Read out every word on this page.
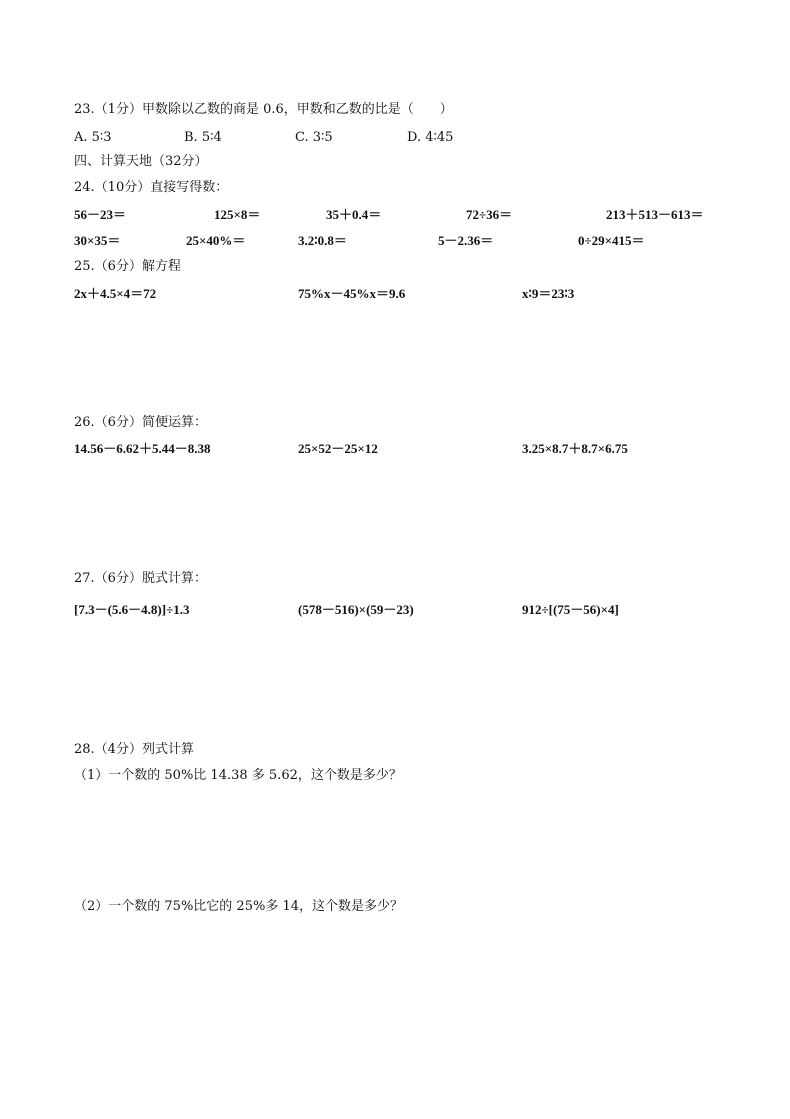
23.（1分）甲数除以乙数的商是 0.6，甲数和乙数的比是（　　）
A. 5∶3	B. 5∶4	C. 3∶5	D. 4∶45
四、计算天地（32分）
24.（10分）直接写得数：
56－23＝	125×8＝	35＋0.4＝	72÷36＝	213＋513－613＝
30×35＝	25×40%＝	3.2∶0.8＝	5－2.36＝	0÷29×415＝
25.（6分）解方程
2x＋4.5×4＝72	75%x－45%x＝9.6	x∶9＝23∶3
26.（6分）简便运算：
14.56－6.62＋5.44－8.38	25×52－25×12	3.25×8.7＋8.7×6.75
27.（6分）脱式计算：
[7.3－(5.6－4.8)]÷1.3	(578－516)×(59－23)	912÷[(75－56)×4]
28.（4分）列式计算
（1）一个数的 50%比 14.38 多 5.62，这个数是多少？
（2）一个数的 75%比它的 25%多 14，这个数是多少？
